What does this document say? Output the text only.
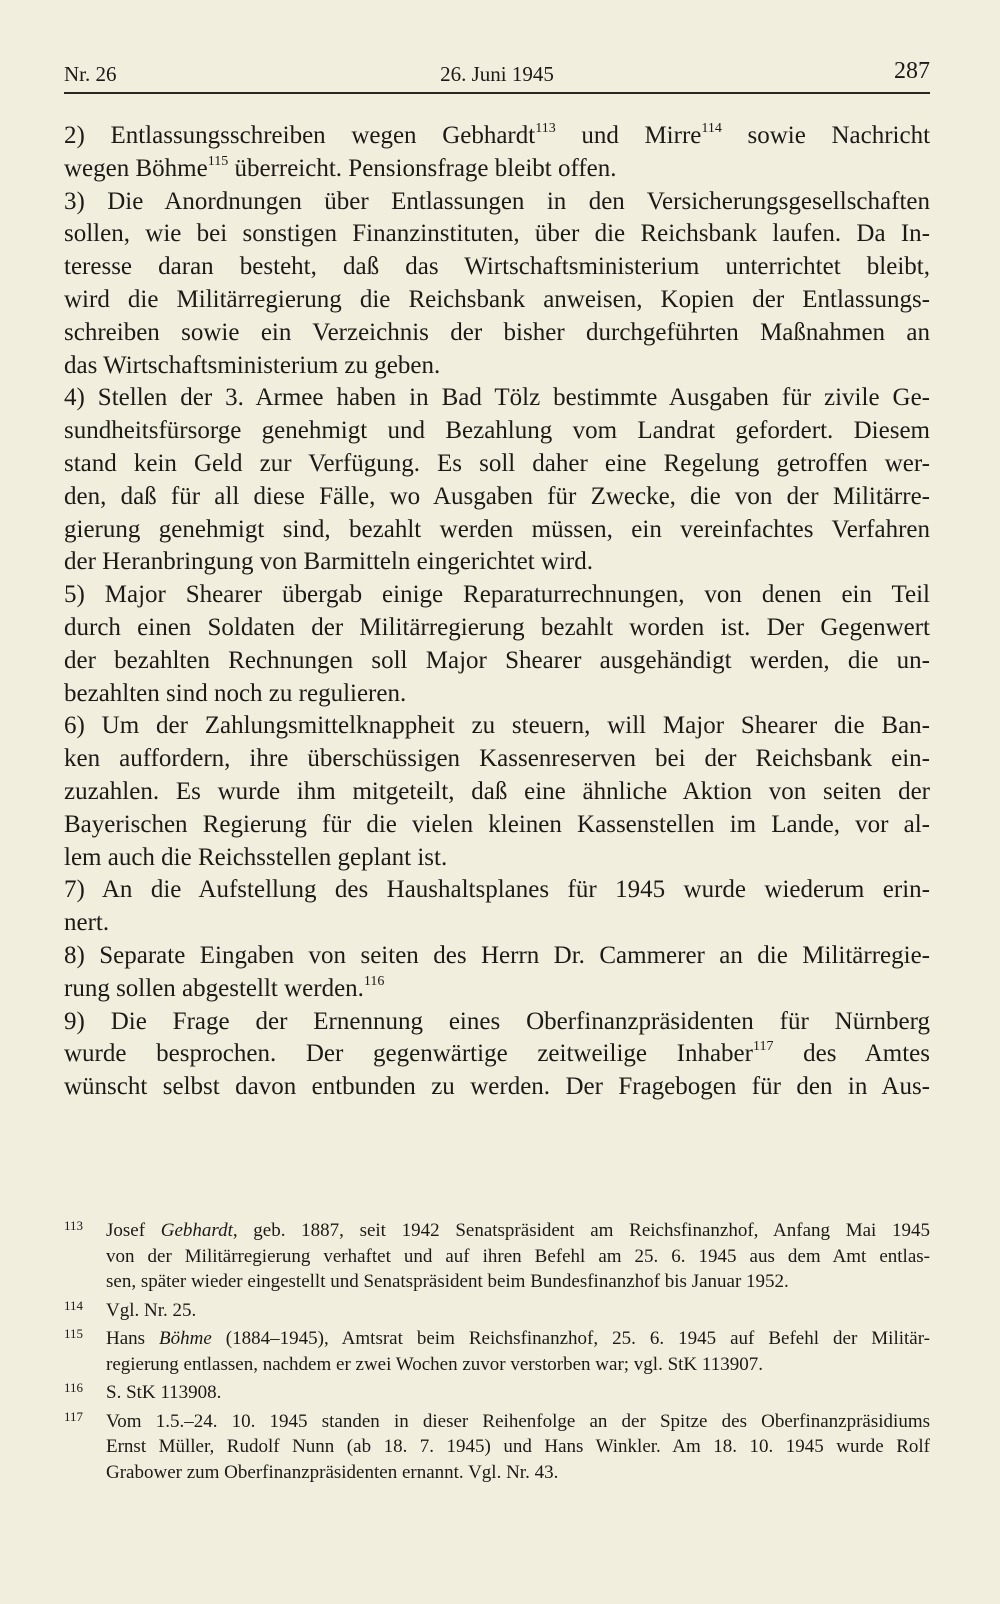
Nr. 26	26. Juni 1945	287
2) Entlassungsschreiben wegen Gebhardt$^{113}$ und Mirre$^{114}$ sowie Nachricht
wegen Böhme$^{115}$ überreicht. Pensionsfrage bleibt offen.
3) Die Anordnungen über Entlassungen in den Versicherungsgesellschaften
sollen, wie bei sonstigen Finanzinstituten, über die Reichsbank laufen. Da In-
teresse daran besteht, daß das Wirtschaftsministerium unterrichtet bleibt,
wird die Militärregierung die Reichsbank anweisen, Kopien der Entlassungs-
schreiben sowie ein Verzeichnis der bisher durchgeführten Maßnahmen an
das Wirtschaftsministerium zu geben.
4) Stellen der 3. Armee haben in Bad Tölz bestimmte Ausgaben für zivile Ge-
sundheitsfürsorge genehmigt und Bezahlung vom Landrat gefordert. Diesem
stand kein Geld zur Verfügung. Es soll daher eine Regelung getroffen wer-
den, daß für all diese Fälle, wo Ausgaben für Zwecke, die von der Militärre-
gierung genehmigt sind, bezahlt werden müssen, ein vereinfachtes Verfahren
der Heranbringung von Barmitteln eingerichtet wird.
5) Major Shearer übergab einige Reparaturrechnungen, von denen ein Teil
durch einen Soldaten der Militärregierung bezahlt worden ist. Der Gegenwert
der bezahlten Rechnungen soll Major Shearer ausgehändigt werden, die un-
bezahlten sind noch zu regulieren.
6) Um der Zahlungsmittelknappheit zu steuern, will Major Shearer die Ban-
ken auffordern, ihre überschüssigen Kassenreserven bei der Reichsbank ein-
zuzahlen. Es wurde ihm mitgeteilt, daß eine ähnliche Aktion von seiten der
Bayerischen Regierung für die vielen kleinen Kassenstellen im Lande, vor al-
lem auch die Reichsstellen geplant ist.
7) An die Aufstellung des Haushaltsplanes für 1945 wurde wiederum erin-
nert.
8) Separate Eingaben von seiten des Herrn Dr. Cammerer an die Militärregie-
rung sollen abgestellt werden.$^{116}$
9) Die Frage der Ernennung eines Oberfinanzpräsidenten für Nürnberg
wurde besprochen. Der gegenwärtige zeitweilige Inhaber$^{117}$ des Amtes
wünscht selbst davon entbunden zu werden. Der Fragebogen für den in Aus-
113 Josef Gebhardt, geb. 1887, seit 1942 Senatspräsident am Reichsfinanzhof, Anfang Mai 1945
von der Militärregierung verhaftet und auf ihren Befehl am 25. 6. 1945 aus dem Amt entlas-
sen, später wieder eingestellt und Senatspräsident beim Bundesfinanzhof bis Januar 1952.
114 Vgl. Nr. 25.
115 Hans Böhme (1884–1945), Amtsrat beim Reichsfinanzhof, 25. 6. 1945 auf Befehl der Militär-
regierung entlassen, nachdem er zwei Wochen zuvor verstorben war; vgl. StK 113907.
116 S. StK 113908.
117 Vom 1.5.–24. 10. 1945 standen in dieser Reihenfolge an der Spitze des Oberfinanzpräsidiums
Ernst Müller, Rudolf Nunn (ab 18. 7. 1945) und Hans Winkler. Am 18. 10. 1945 wurde Rolf
Grabower zum Oberfinanzpräsidenten ernannt. Vgl. Nr. 43.
